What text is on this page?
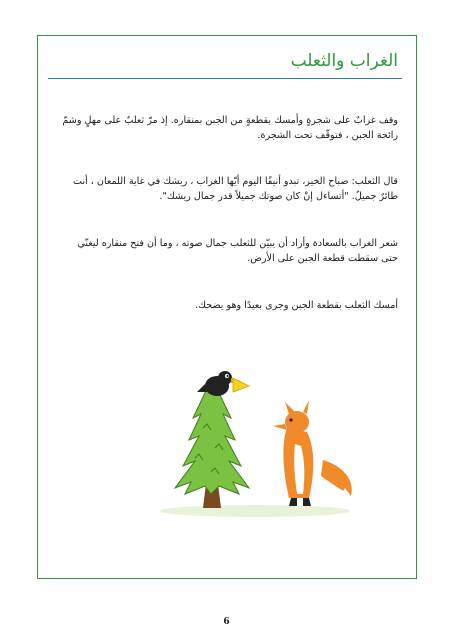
الغراب والثعلب

وقف غرابٌ على شجرةٍ وأمسك بقطعةٍ من الجبن بمنقاره. إذ مرّ ثعلبٌ على مهلٍ وشمّ رائحة الجبن ، فتوقّف تحت الشجرة.

قال الثعلب: صباح الخير، تبدو أنيقًا اليوم أيّها الغراب ، ريشك في غاية اللمعان ، أنت طائرٌ جميلٌ. "أتساءل إنْ كان صوتك جميلاً قدر جمال ريشك".

شعر الغراب بالسعادة وأراد أن يبيّن للثعلب جمال صوته ، وما أن فتح منقاره ليغنّي حتى سقطت قطعة الجبن على الأرض.

أمسك الثعلب بقطعة الجبن وجرى بعيدًا وهو يضحك.

6
